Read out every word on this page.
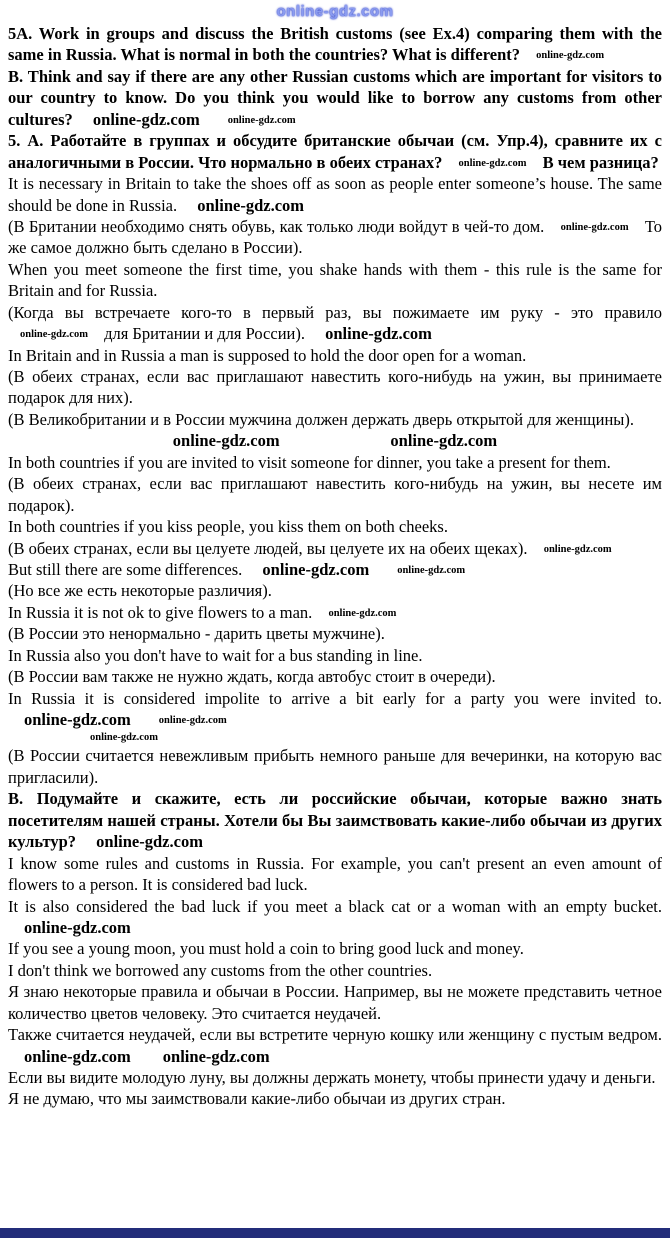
online-gdz.com

5A. Work in groups and discuss the British customs (see Ex.4) comparing them with the same in Russia. What is normal in both the countries? What is different? online-gdz.com

B. Think and say if there are any other Russian customs which are important for visitors to our country to know. Do you think you would like to borrow any customs from other cultures? online-gdz.com	online-gdz.com

5. А. Работайте в группах и обсудите британские обычаи (см. Упр.4), сравните их с аналогичными в России. Что нормально в обеих странах? online-gdz.com В чем разница?

It is necessary in Britain to take the shoes off as soon as people enter someone’s house. The same should be done in Russia. online-gdz.com

(В Британии необходимо снять обувь, как только люди войдут в чей-то дом. online-gdz.com То же самое должно быть сделано в России).

When you meet someone the first time, you shake hands with them - this rule is the same for Britain and for Russia.

(Когда вы встречаете кого-то в первый раз, вы пожимаете им руку - это правило online-gdz.com для Британии и для России). online-gdz.com

In Britain and in Russia a man is supposed to hold the door open for a woman.

(В обеих странах, если вас приглашают навестить кого-нибудь на ужин, вы принимаете подарок для них).

(В Великобритании и в России мужчина должен держать дверь открытой для женщины).

online-gdz.com	online-gdz.com

In both countries if you are invited to visit someone for dinner, you take a present for them.

(В обеих странах, если вас приглашают навестить кого-нибудь на ужин, вы несете им подарок).

In both countries if you kiss people, you kiss them on both cheeks.

(В обеих странах, если вы целуете людей, вы целуете их на обеих щеках). online-gdz.com

But still there are some differences. online-gdz.com	online-gdz.com

(Но все же есть некоторые различия).

In Russia it is not ok to give flowers to a man. online-gdz.com

(В России это ненормально - дарить цветы мужчине).

In Russia also you don't have to wait for a bus standing in line.

(В России вам также не нужно ждать, когда автобус стоит в очереди).

In Russia it is considered impolite to arrive a bit early for a party you were invited to. online-gdz.com	online-gdz.com

online-gdz.com

(В России считается невежливым прибыть немного раньше для вечеринки, на которую вас пригласили).

В. Подумайте и скажите, есть ли российские обычаи, которые важно знать посетителям нашей страны. Хотели бы Вы заимствовать какие-либо обычаи из других культур? online-gdz.com

I know some rules and customs in Russia. For example, you can't present an even amount of flowers to a person. It is considered bad luck.

It is also considered the bad luck if you meet a black cat or a woman with an empty bucket. online-gdz.com

If you see a young moon, you must hold a coin to bring good luck and money.

I don't think we borrowed any customs from the other countries.

Я знаю некоторые правила и обычаи в России. Например, вы не можете представить четное количество цветов человеку. Это считается неудачей.

Также считается неудачей, если вы встретите черную кошку или женщину с пустым ведром. online-gdz.com online-gdz.com

Если вы видите молодую луну, вы должны держать монету, чтобы принести удачу и деньги.

Я не думаю, что мы заимствовали какие-либо обычаи из других стран.
